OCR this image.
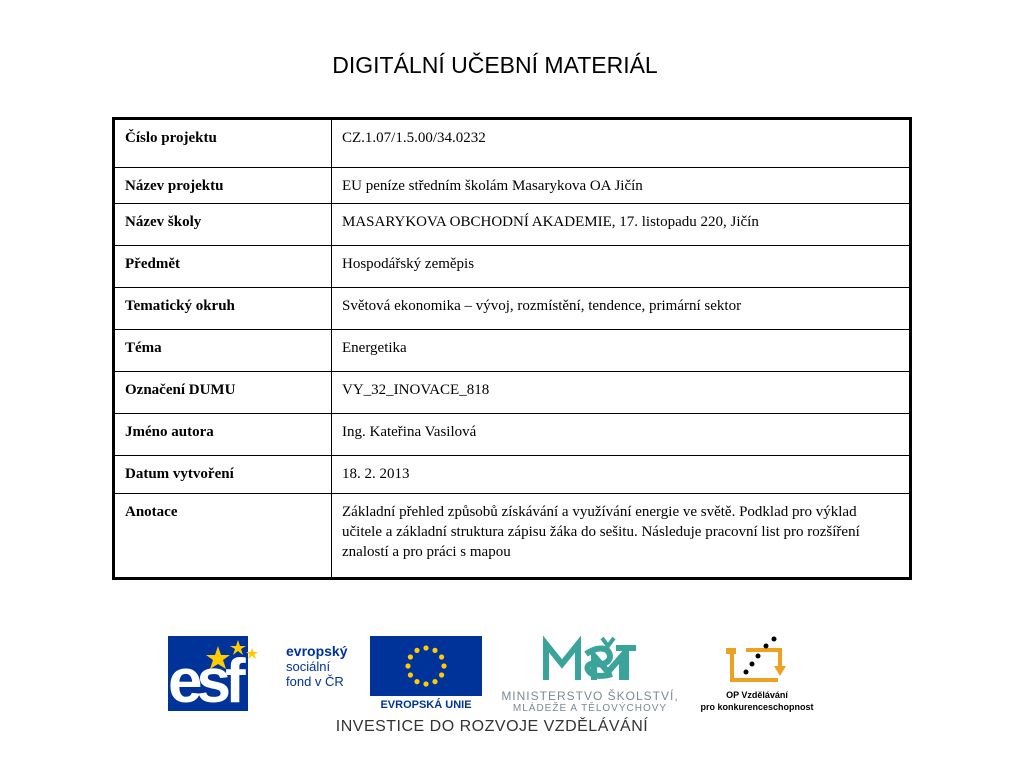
DIGITÁLNÍ UČEBNÍ MATERIÁL
Číslo projektu	CZ.1.07/1.5.00/34.0232
Název projektu	EU peníze středním školám Masarykova OA Jičín
Název školy	MASARYKOVA OBCHODNÍ AKADEMIE, 17. listopadu 220, Jičín
Předmět	Hospodářský zeměpis
Tematický okruh	Světová ekonomika – vývoj, rozmístění, tendence, primární sektor
Téma	Energetika
Označení DUMU	VY_32_INOVACE_818
Jméno autora	Ing. Kateřina Vasilová
Datum vytvoření	18. 2. 2013
Anotace	Základní přehled způsobů získávání a využívání energie ve světě. Podklad pro výklad učitele a základní struktura zápisu žáka do sešitu. Následuje pracovní list pro rozšíření znalostí a pro práci s mapou
esf	evropský
sociální
fond v ČR
EVROPSKÁ UNIE
MINISTERSTVO ŠKOLSTVÍ,
MLÁDEŽE A TĚLOVÝCHOVY
OP Vzdělávání
pro konkurenceschopnost
INVESTICE DO ROZVOJE VZDĚLÁVÁNÍ
